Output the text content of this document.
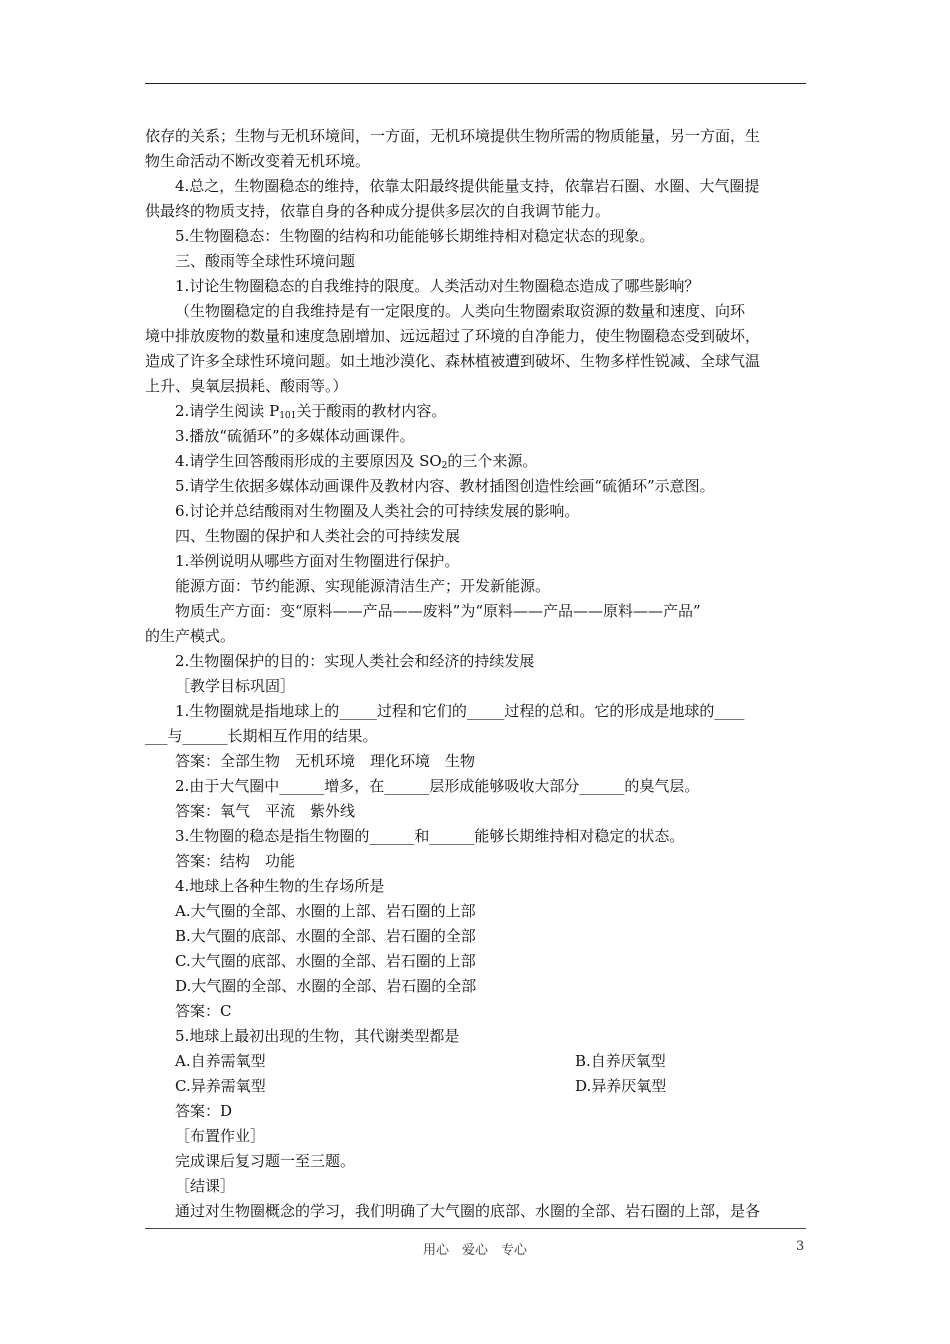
依存的关系；生物与无机环境间，一方面，无机环境提供生物所需的物质能量，另一方面，生
物生命活动不断改变着无机环境。
4.总之，生物圈稳态的维持，依靠太阳最终提供能量支持，依靠岩石圈、水圈、大气圈提
供最终的物质支持，依靠自身的各种成分提供多层次的自我调节能力。
5.生物圈稳态：生物圈的结构和功能能够长期维持相对稳定状态的现象。
三、酸雨等全球性环境问题
1.讨论生物圈稳态的自我维持的限度。人类活动对生物圈稳态造成了哪些影响？
（生物圈稳定的自我维持是有一定限度的。人类向生物圈索取资源的数量和速度、向环
境中排放废物的数量和速度急剧增加、远远超过了环境的自净能力，使生物圈稳态受到破坏，
造成了许多全球性环境问题。如土地沙漠化、森林植被遭到破坏、生物多样性锐减、全球气温
上升、臭氧层损耗、酸雨等。）
2.请学生阅读 $P_{101}$关于酸雨的教材内容。
3.播放“硫循环”的多媒体动画课件。
4.请学生回答酸雨形成的主要原因及 $SO_2$的三个来源。
5.请学生依据多媒体动画课件及教材内容、教材插图创造性绘画“硫循环”示意图。
6.讨论并总结酸雨对生物圈及人类社会的可持续发展的影响。
四、生物圈的保护和人类社会的可持续发展
1.举例说明从哪些方面对生物圈进行保护。
能源方面：节约能源、实现能源清洁生产；开发新能源。
物质生产方面：变“原料——产品——废料”为“原料——产品——原料——产品”
的生产模式。
2.生物圈保护的目的：实现人类社会和经济的持续发展
［教学目标巩固］
1.生物圈就是指地球上的_____过程和它们的_____过程的总和。它的形成是地球的____
___与______长期相互作用的结果。
答案：全部生物　无机环境　理化环境　生物
2.由于大气圈中______增多，在______层形成能够吸收大部分______的臭气层。
答案：氧气　平流　紫外线
3.生物圈的稳态是指生物圈的______和______能够长期维持相对稳定的状态。
答案：结构　功能
4.地球上各种生物的生存场所是
A.大气圈的全部、水圈的上部、岩石圈的上部
B.大气圈的底部、水圈的全部、岩石圈的全部
C.大气圈的底部、水圈的全部、岩石圈的上部
D.大气圈的全部、水圈的全部、岩石圈的全部
答案：C
5.地球上最初出现的生物，其代谢类型都是
A.自养需氧型	B.自养厌氧型
C.异养需氧型	D.异养厌氧型
答案：D
［布置作业］
完成课后复习题一至三题。
［结课］
通过对生物圈概念的学习，我们明确了大气圈的底部、水圈的全部、岩石圈的上部，是各
用心　爱心　专心	3
